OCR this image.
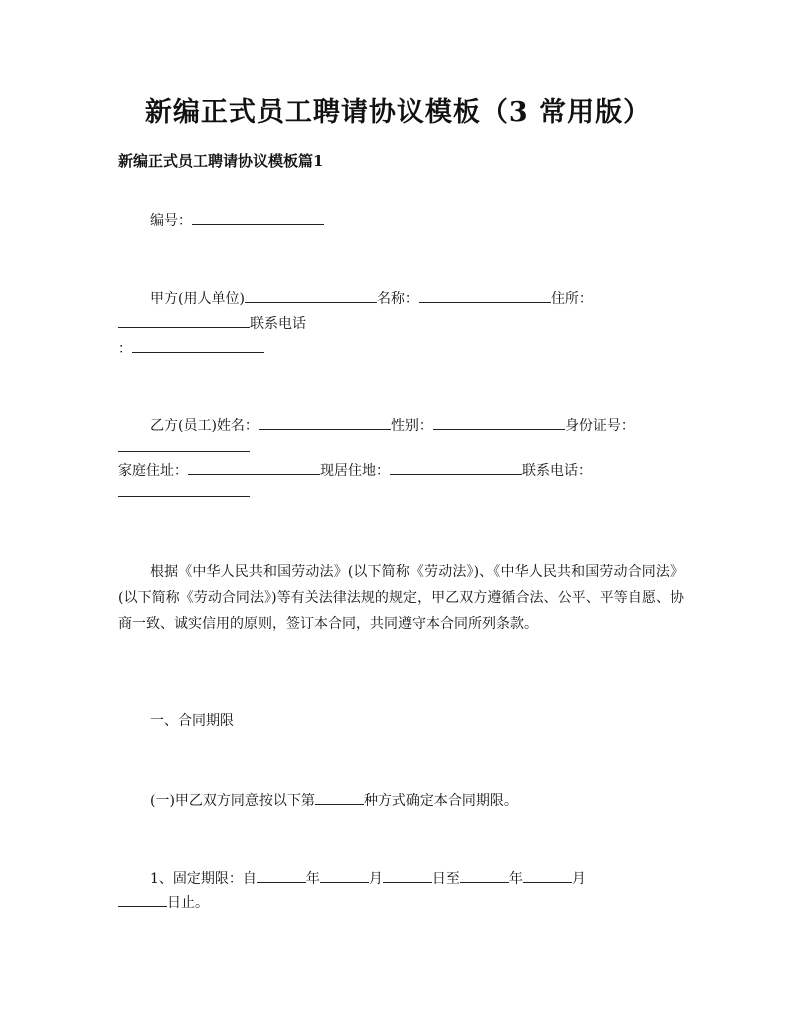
新编正式员工聘请协议模板（3 常用版）
新编正式员工聘请协议模板篇1
编号：
甲方(用人单位)	名称：	住所：
联系电话
：
乙方(员工)姓名：	性别：	身份证号：
家庭住址：	现居住地：	联系电话：
根据《中华人民共和国劳动法》(以下简称《劳动法》)、《中华人民共和国劳动合同法》(以下简称《劳动合同法》)等有关法律法规的规定，甲乙双方遵循合法、公平、平等自愿、协商一致、诚实信用的原则，签订本合同，共同遵守本合同所列条款。
一、合同期限
(一)甲乙双方同意按以下第	种方式确定本合同期限。
1、固定期限：自	年	月	日至	年	月
日止。
